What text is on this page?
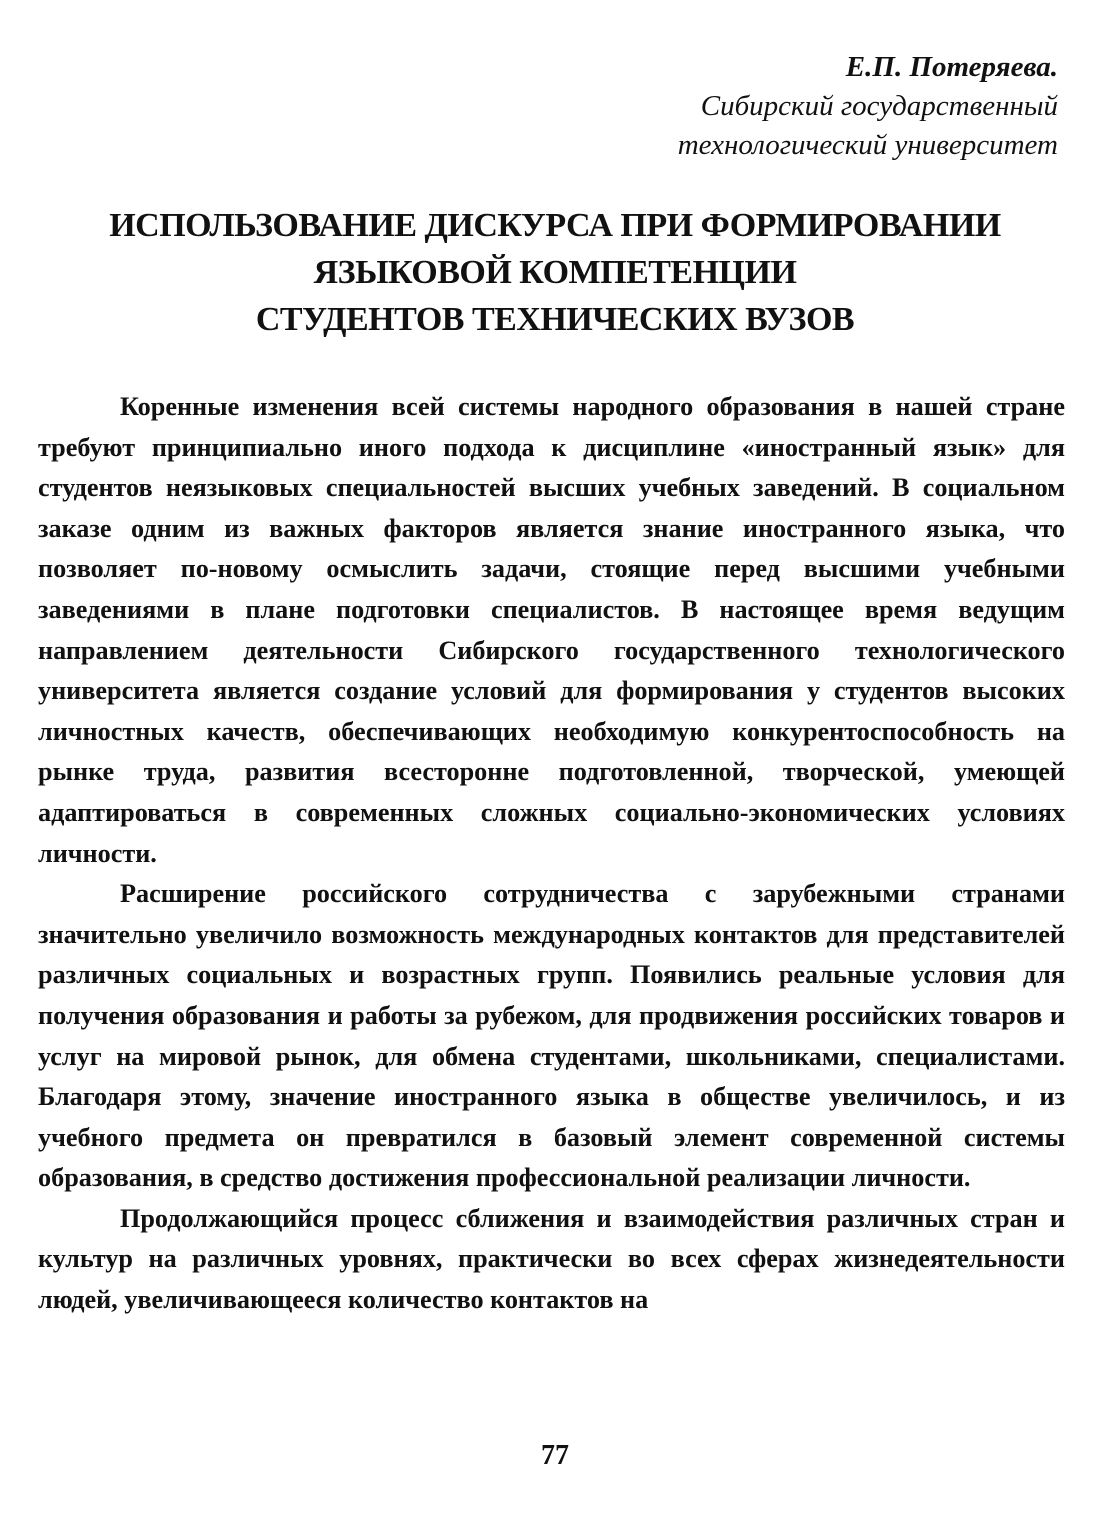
Е.П. Потеряева.
Сибирский государственный
технологический университет
ИСПОЛЬЗОВАНИЕ ДИСКУРСА ПРИ ФОРМИРОВАНИИ
ЯЗЫКОВОЙ КОМПЕТЕНЦИИ
СТУДЕНТОВ ТЕХНИЧЕСКИХ ВУЗОВ

Коренные изменения всей системы народного образования в нашей стране требуют принципиально иного подхода к дисциплине «иностранный язык» для студентов неязыковых специальностей высших учебных заведений. В социальном заказе одним из важных факторов является знание иностранного языка, что позволяет по-новому осмыслить задачи, стоящие перед высшими учебными заведениями в плане подготовки специалистов. В настоящее время ведущим направлением деятельности Сибирского государственного технологического университета является создание условий для формирования у студентов высоких личностных качеств, обеспечивающих необходимую конкурентоспособность на рынке труда, развития всесторонне подготовленной, творческой, умеющей адаптироваться в современных сложных социально-экономических условиях личности.

Расширение российского сотрудничества с зарубежными странами значительно увеличило возможность международных контактов для представителей различных социальных и возрастных групп. Появились реальные условия для получения образования и работы за рубежом, для продвижения российских товаров и услуг на мировой рынок, для обмена студентами, школьниками, специалистами. Благодаря этому, значение иностранного языка в обществе увеличилось, и из учебного предмета он превратился в базовый элемент современной системы образования, в средство достижения профессиональной реализации личности.

Продолжающийся процесс сближения и взаимодействия различных стран и культур на различных уровнях, практически во всех сферах жизнедеятельности людей, увеличивающееся количество контактов на

77
